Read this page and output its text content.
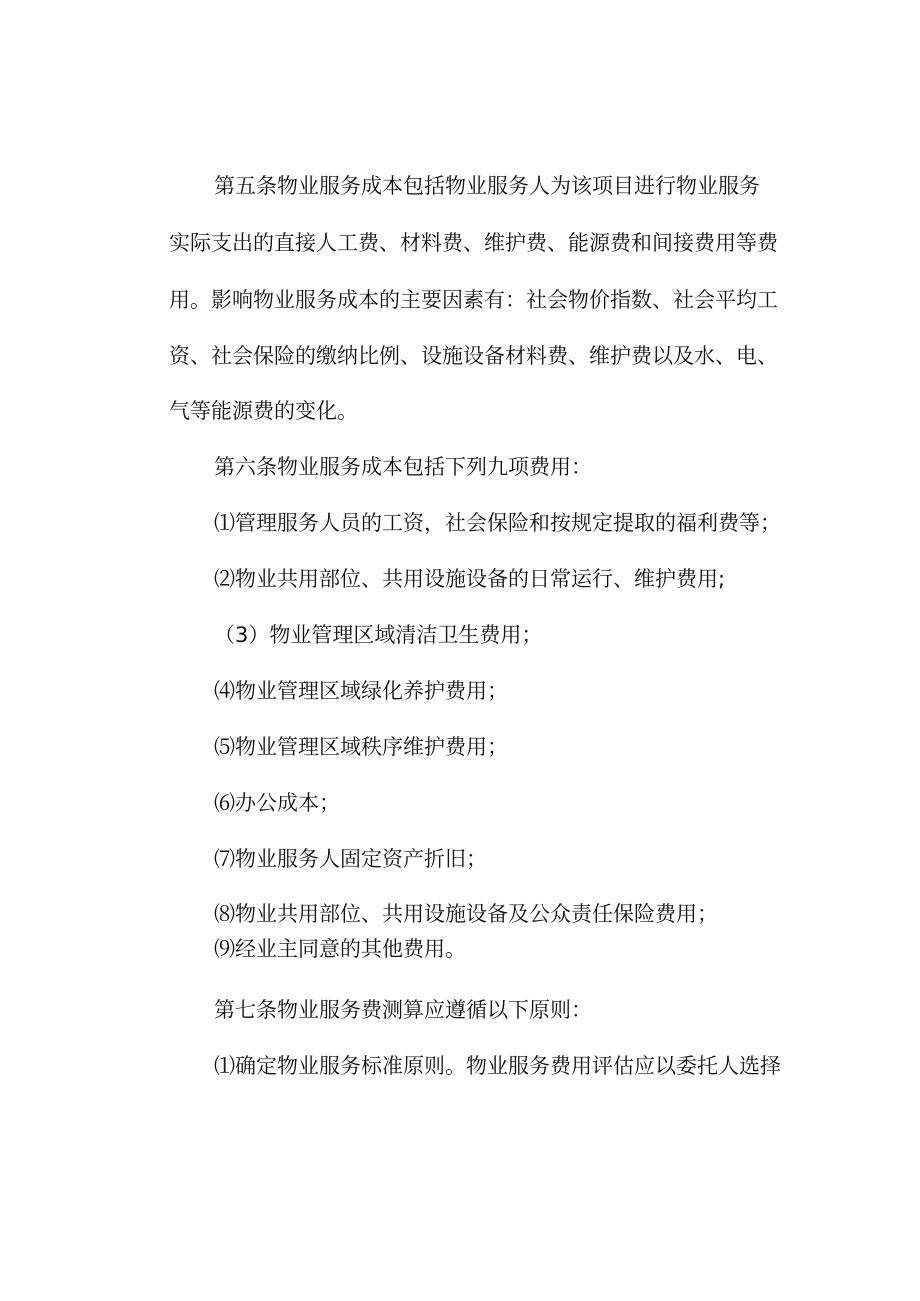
第五条物业服务成本包括物业服务人为该项目进行物业服务
实际支出的直接人工费、材料费、维护费、能源费和间接费用等费
用。影响物业服务成本的主要因素有：社会物价指数、社会平均工
资、社会保险的缴纳比例、设施设备材料费、维护费以及水、电、
气等能源费的变化。
第六条物业服务成本包括下列九项费用：
⑴管理服务人员的工资，社会保险和按规定提取的福利费等；
⑵物业共用部位、共用设施设备的日常运行、维护费用;
（3）物业管理区域清洁卫生费用；
⑷物业管理区域绿化养护费用；
⑸物业管理区域秩序维护费用；
⑹办公成本；
⑺物业服务人固定资产折旧；
⑻物业共用部位、共用设施设备及公众责任保险费用；
⑼经业主同意的其他费用。
第七条物业服务费测算应遵循以下原则：
⑴确定物业服务标准原则。物业服务费用评估应以委托人选择
